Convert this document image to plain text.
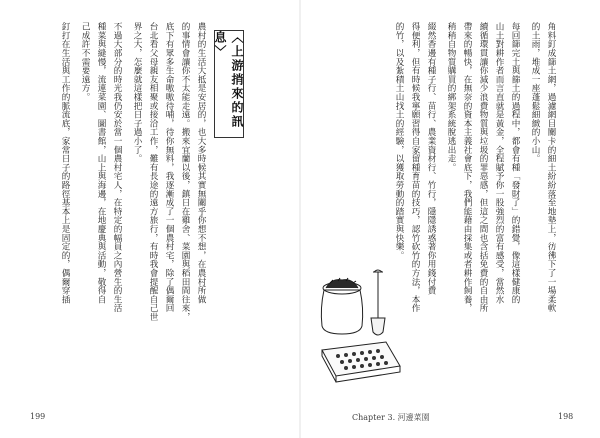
〈上游捎來的訊息〉
農村的生活大抵是安居的，也大多時候其實無關乎你想不想，在農村所做
的事情會讓你不太能走遠。搬來宜蘭以後，鎮日在雞舍、菜園與稻田間往來，
底下有眾多生命嗷嗷待哺，待你無料，我逐漸成了一個農村宅，除了偶爾回
台北看父母親友相聚或接洽工作，難有長途的遠方旅行，有時我會提醒自己世
界之大，怎麼就這樣把日子過小了。
不過大部分的時光我仍安於當一個農村宅人，在特定的幅員之內營生的生活
種菜與縫慢，流連菜園、圖書館，山上與海邊，在地慶典與活動，敬得自
己成許不需要遠方。
釘打在生活與工作的脈流底，家常日子的路徑基本上是固定的，偶爾穿插
199
角料釘成篩土網，過濾網目關卡的細土紛紛落至地墊上，彷彿下了一場柔軟
的土雨，堆成一座蓬鬆細緻的小山。
每回篩完土與篩土的過程中，都會有種「發財了」的錯覺，像這樣健康的
山土對耕作者而言直就是黃金，全程賦予你一股強烈的富有感受，當然水
續循環貫讓你減少浪費物質與垃圾的罪惡感，但這之間也含括免費的自由所
帶來的暢快，在無奈的資本主義社會底下，我們能藉由採集或者耕作飼養，
稍稍自物質購買的綁架系統脫逃出走。
綴然香邊有種子行、苗行、農業資材行、竹行，隱隱誘惑著你用錢付費
得便利，但有時候我寧願習得自家留種育苗的技巧，認竹砍竹的方法，本作
的竹，以及紮積土山找土的經驗，以獲取勞動的踏實與快樂。
198
Chapter 3. 河邊菜園
